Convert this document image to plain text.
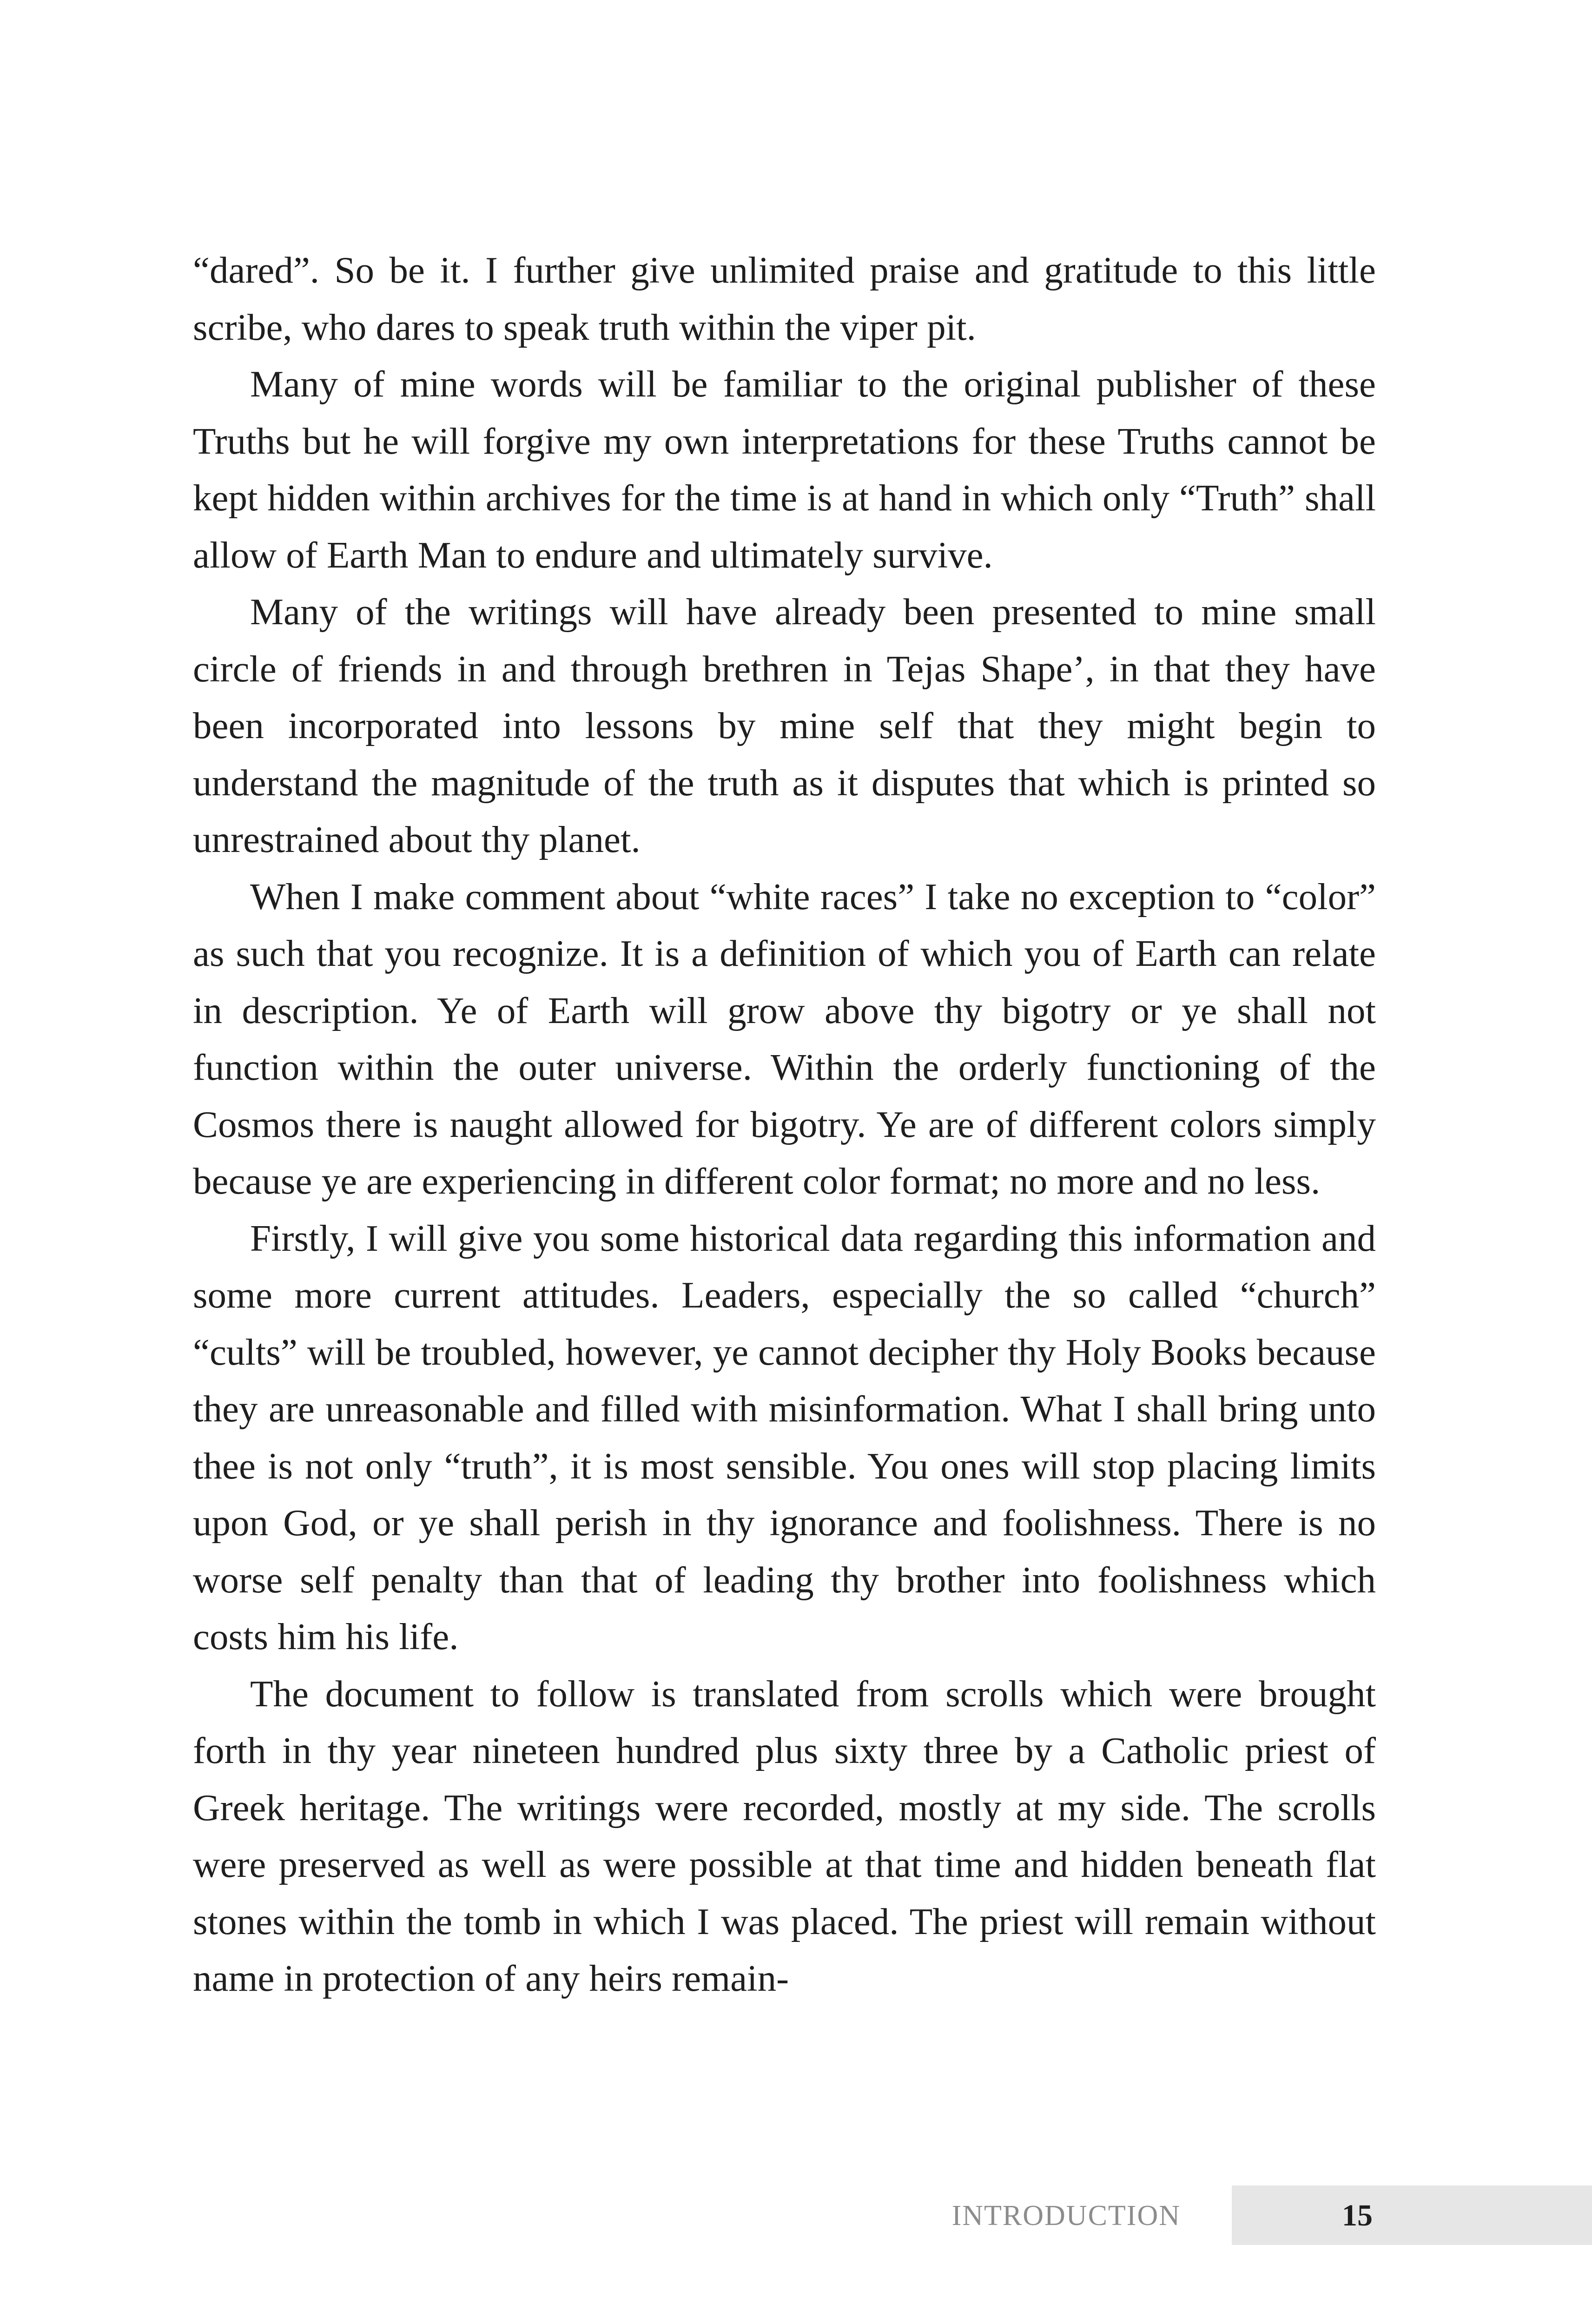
“dared”. So be it. I further give unlimited praise and gratitude to this little scribe, who dares to speak truth within the viper pit.

Many of mine words will be familiar to the original publisher of these Truths but he will forgive my own interpretations for these Truths cannot be kept hidden within archives for the time is at hand in which only “Truth” shall allow of Earth Man to endure and ultimately survive.

Many of the writings will have already been presented to mine small circle of friends in and through brethren in Tejas Shape’, in that they have been incorporated into lessons by mine self that they might begin to understand the magnitude of the truth as it disputes that which is printed so unrestrained about thy planet.

When I make comment about “white races” I take no exception to “color” as such that you recognize. It is a definition of which you of Earth can relate in description. Ye of Earth will grow above thy bigotry or ye shall not function within the outer universe. Within the orderly functioning of the Cosmos there is naught allowed for bigotry. Ye are of different colors simply because ye are experiencing in different color format; no more and no less.

Firstly, I will give you some historical data regarding this information and some more current attitudes. Leaders, especially the so called “church” “cults” will be troubled, however, ye cannot decipher thy Holy Books because they are unreasonable and filled with misinformation. What I shall bring unto thee is not only “truth”, it is most sensible. You ones will stop placing limits upon God, or ye shall perish in thy ignorance and foolishness. There is no worse self penalty than that of leading thy brother into foolishness which costs him his life.

The document to follow is translated from scrolls which were brought forth in thy year nineteen hundred plus sixty three by a Catholic priest of Greek heritage. The writings were recorded, mostly at my side. The scrolls were preserved as well as were possible at that time and hidden beneath flat stones within the tomb in which I was placed. The priest will remain without name in protection of any heirs remain-

INTRODUCTION	15
